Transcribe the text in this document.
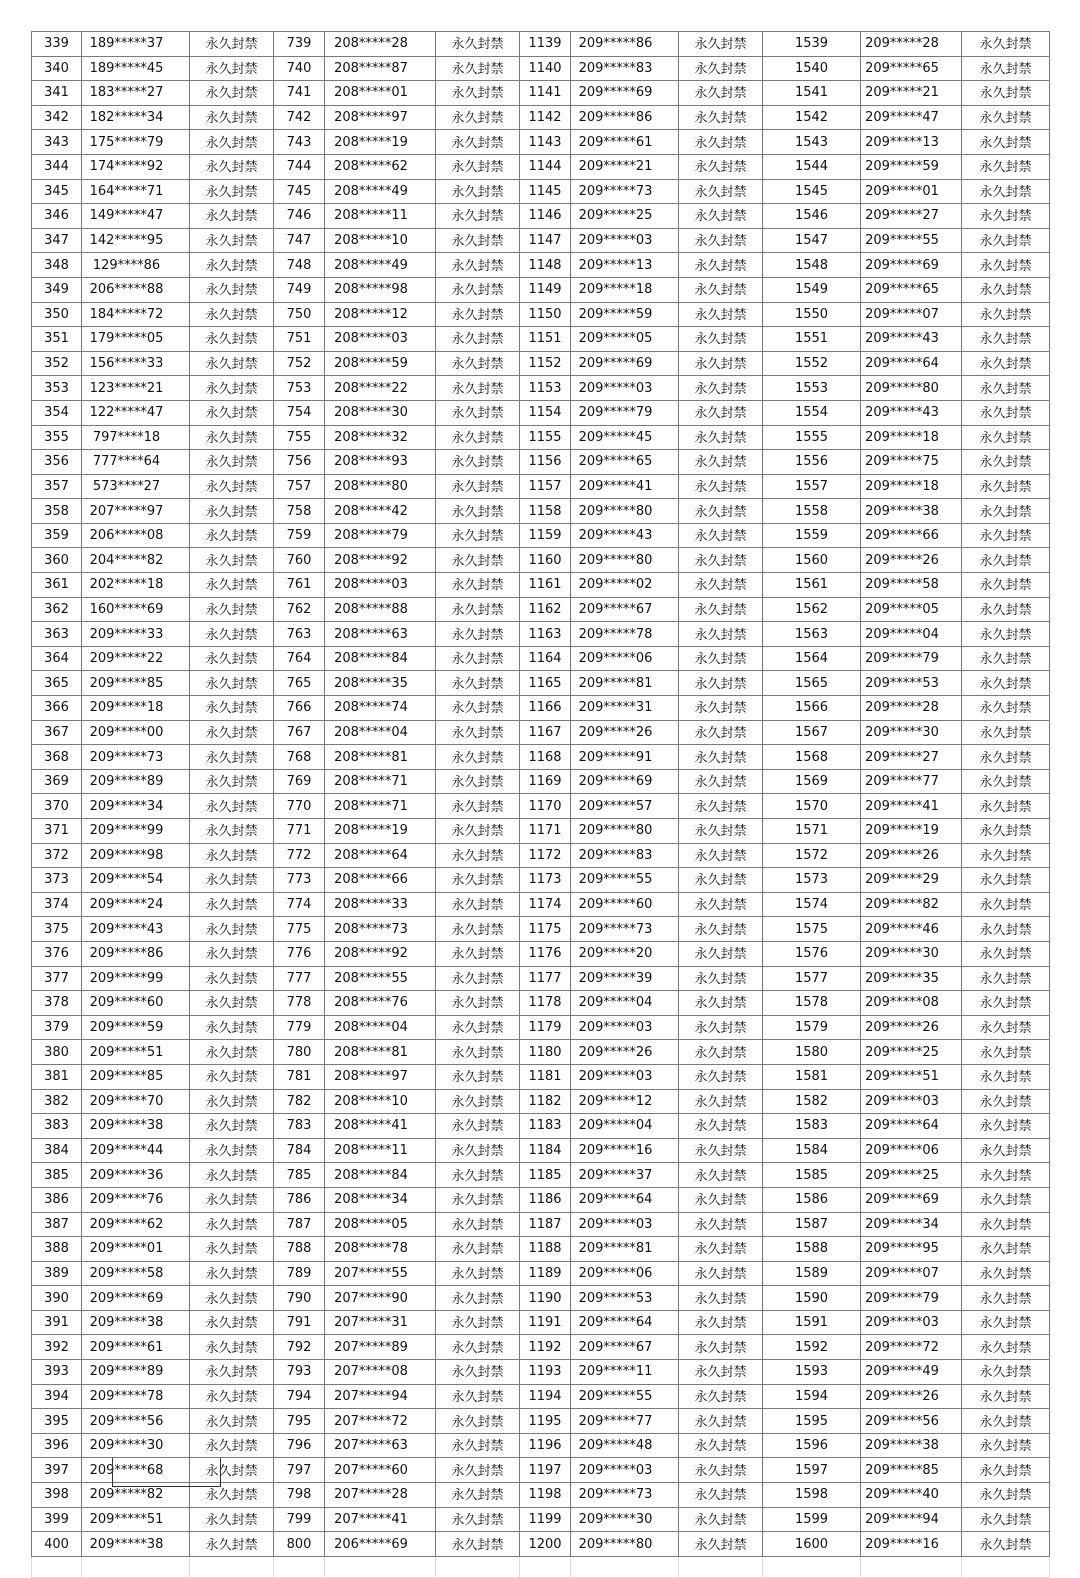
339	189*****37	永久封禁	739	208*****28	永久封禁	1139	209*****86	永久封禁	1539	209*****28	永久封禁
340	189*****45	永久封禁	740	208*****87	永久封禁	1140	209*****83	永久封禁	1540	209*****65	永久封禁
341	183*****27	永久封禁	741	208*****01	永久封禁	1141	209*****69	永久封禁	1541	209*****21	永久封禁
342	182*****34	永久封禁	742	208*****97	永久封禁	1142	209*****86	永久封禁	1542	209*****47	永久封禁
343	175*****79	永久封禁	743	208*****19	永久封禁	1143	209*****61	永久封禁	1543	209*****13	永久封禁
344	174*****92	永久封禁	744	208*****62	永久封禁	1144	209*****21	永久封禁	1544	209*****59	永久封禁
345	164*****71	永久封禁	745	208*****49	永久封禁	1145	209*****73	永久封禁	1545	209*****01	永久封禁
346	149*****47	永久封禁	746	208*****11	永久封禁	1146	209*****25	永久封禁	1546	209*****27	永久封禁
347	142*****95	永久封禁	747	208*****10	永久封禁	1147	209*****03	永久封禁	1547	209*****55	永久封禁
348	129****86	永久封禁	748	208*****49	永久封禁	1148	209*****13	永久封禁	1548	209*****69	永久封禁
349	206*****88	永久封禁	749	208*****98	永久封禁	1149	209*****18	永久封禁	1549	209*****65	永久封禁
350	184*****72	永久封禁	750	208*****12	永久封禁	1150	209*****59	永久封禁	1550	209*****07	永久封禁
351	179*****05	永久封禁	751	208*****03	永久封禁	1151	209*****05	永久封禁	1551	209*****43	永久封禁
352	156*****33	永久封禁	752	208*****59	永久封禁	1152	209*****69	永久封禁	1552	209*****64	永久封禁
353	123*****21	永久封禁	753	208*****22	永久封禁	1153	209*****03	永久封禁	1553	209*****80	永久封禁
354	122*****47	永久封禁	754	208*****30	永久封禁	1154	209*****79	永久封禁	1554	209*****43	永久封禁
355	797****18	永久封禁	755	208*****32	永久封禁	1155	209*****45	永久封禁	1555	209*****18	永久封禁
356	777****64	永久封禁	756	208*****93	永久封禁	1156	209*****65	永久封禁	1556	209*****75	永久封禁
357	573****27	永久封禁	757	208*****80	永久封禁	1157	209*****41	永久封禁	1557	209*****18	永久封禁
358	207*****97	永久封禁	758	208*****42	永久封禁	1158	209*****80	永久封禁	1558	209*****38	永久封禁
359	206*****08	永久封禁	759	208*****79	永久封禁	1159	209*****43	永久封禁	1559	209*****66	永久封禁
360	204*****82	永久封禁	760	208*****92	永久封禁	1160	209*****80	永久封禁	1560	209*****26	永久封禁
361	202*****18	永久封禁	761	208*****03	永久封禁	1161	209*****02	永久封禁	1561	209*****58	永久封禁
362	160*****69	永久封禁	762	208*****88	永久封禁	1162	209*****67	永久封禁	1562	209*****05	永久封禁
363	209*****33	永久封禁	763	208*****63	永久封禁	1163	209*****78	永久封禁	1563	209*****04	永久封禁
364	209*****22	永久封禁	764	208*****84	永久封禁	1164	209*****06	永久封禁	1564	209*****79	永久封禁
365	209*****85	永久封禁	765	208*****35	永久封禁	1165	209*****81	永久封禁	1565	209*****53	永久封禁
366	209*****18	永久封禁	766	208*****74	永久封禁	1166	209*****31	永久封禁	1566	209*****28	永久封禁
367	209*****00	永久封禁	767	208*****04	永久封禁	1167	209*****26	永久封禁	1567	209*****30	永久封禁
368	209*****73	永久封禁	768	208*****81	永久封禁	1168	209*****91	永久封禁	1568	209*****27	永久封禁
369	209*****89	永久封禁	769	208*****71	永久封禁	1169	209*****69	永久封禁	1569	209*****77	永久封禁
370	209*****34	永久封禁	770	208*****71	永久封禁	1170	209*****57	永久封禁	1570	209*****41	永久封禁
371	209*****99	永久封禁	771	208*****19	永久封禁	1171	209*****80	永久封禁	1571	209*****19	永久封禁
372	209*****98	永久封禁	772	208*****64	永久封禁	1172	209*****83	永久封禁	1572	209*****26	永久封禁
373	209*****54	永久封禁	773	208*****66	永久封禁	1173	209*****55	永久封禁	1573	209*****29	永久封禁
374	209*****24	永久封禁	774	208*****33	永久封禁	1174	209*****60	永久封禁	1574	209*****82	永久封禁
375	209*****43	永久封禁	775	208*****73	永久封禁	1175	209*****73	永久封禁	1575	209*****46	永久封禁
376	209*****86	永久封禁	776	208*****92	永久封禁	1176	209*****20	永久封禁	1576	209*****30	永久封禁
377	209*****99	永久封禁	777	208*****55	永久封禁	1177	209*****39	永久封禁	1577	209*****35	永久封禁
378	209*****60	永久封禁	778	208*****76	永久封禁	1178	209*****04	永久封禁	1578	209*****08	永久封禁
379	209*****59	永久封禁	779	208*****04	永久封禁	1179	209*****03	永久封禁	1579	209*****26	永久封禁
380	209*****51	永久封禁	780	208*****81	永久封禁	1180	209*****26	永久封禁	1580	209*****25	永久封禁
381	209*****85	永久封禁	781	208*****97	永久封禁	1181	209*****03	永久封禁	1581	209*****51	永久封禁
382	209*****70	永久封禁	782	208*****10	永久封禁	1182	209*****12	永久封禁	1582	209*****03	永久封禁
383	209*****38	永久封禁	783	208*****41	永久封禁	1183	209*****04	永久封禁	1583	209*****64	永久封禁
384	209*****44	永久封禁	784	208*****11	永久封禁	1184	209*****16	永久封禁	1584	209*****06	永久封禁
385	209*****36	永久封禁	785	208*****84	永久封禁	1185	209*****37	永久封禁	1585	209*****25	永久封禁
386	209*****76	永久封禁	786	208*****34	永久封禁	1186	209*****64	永久封禁	1586	209*****69	永久封禁
387	209*****62	永久封禁	787	208*****05	永久封禁	1187	209*****03	永久封禁	1587	209*****34	永久封禁
388	209*****01	永久封禁	788	208*****78	永久封禁	1188	209*****81	永久封禁	1588	209*****95	永久封禁
389	209*****58	永久封禁	789	207*****55	永久封禁	1189	209*****06	永久封禁	1589	209*****07	永久封禁
390	209*****69	永久封禁	790	207*****90	永久封禁	1190	209*****53	永久封禁	1590	209*****79	永久封禁
391	209*****38	永久封禁	791	207*****31	永久封禁	1191	209*****64	永久封禁	1591	209*****03	永久封禁
392	209*****61	永久封禁	792	207*****89	永久封禁	1192	209*****67	永久封禁	1592	209*****72	永久封禁
393	209*****89	永久封禁	793	207*****08	永久封禁	1193	209*****11	永久封禁	1593	209*****49	永久封禁
394	209*****78	永久封禁	794	207*****94	永久封禁	1194	209*****55	永久封禁	1594	209*****26	永久封禁
395	209*****56	永久封禁	795	207*****72	永久封禁	1195	209*****77	永久封禁	1595	209*****56	永久封禁
396	209*****30	永久封禁	796	207*****63	永久封禁	1196	209*****48	永久封禁	1596	209*****38	永久封禁
397	209*****68	永久封禁	797	207*****60	永久封禁	1197	209*****03	永久封禁	1597	209*****85	永久封禁
398	209*****82	永久封禁	798	207*****28	永久封禁	1198	209*****73	永久封禁	1598	209*****40	永久封禁
399	209*****51	永久封禁	799	207*****41	永久封禁	1199	209*****30	永久封禁	1599	209*****94	永久封禁
400	209*****38	永久封禁	800	206*****69	永久封禁	1200	209*****80	永久封禁	1600	209*****16	永久封禁
